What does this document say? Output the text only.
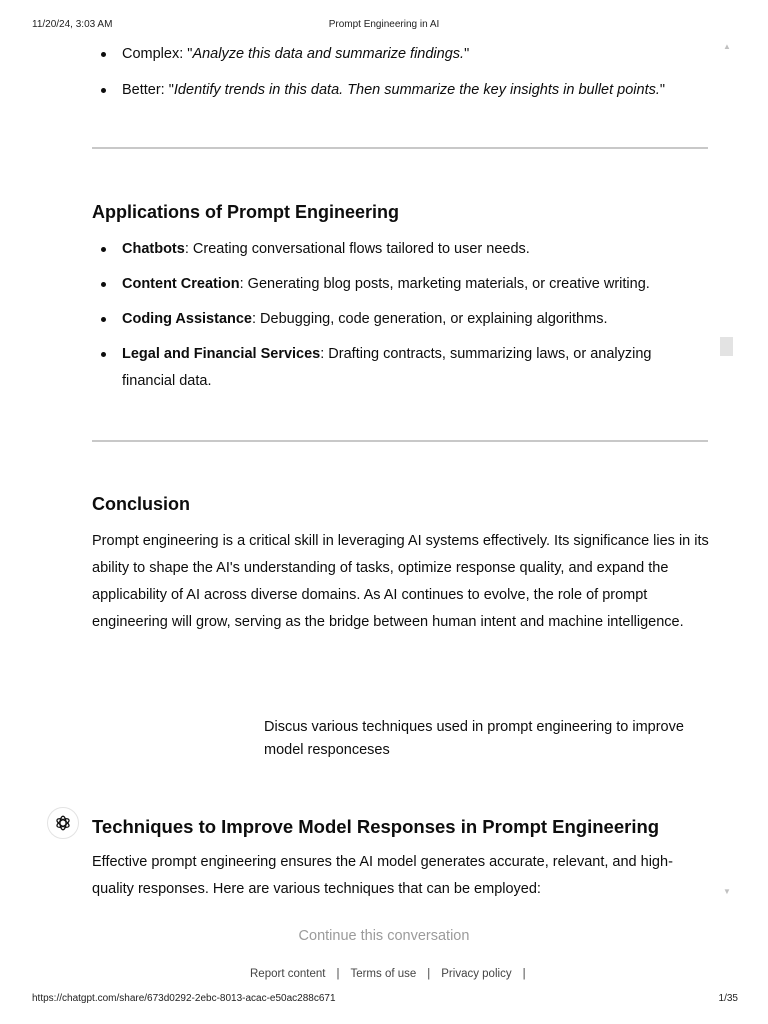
11/20/24, 3:03 AM	Prompt Engineering in AI
▲
▼
Complex: "Analyze this data and summarize findings."
Better: "Identify trends in this data. Then summarize the key insights in bullet points."
Applications of Prompt Engineering
Chatbots: Creating conversational flows tailored to user needs.
Content Creation: Generating blog posts, marketing materials, or creative writing.
Coding Assistance: Debugging, code generation, or explaining algorithms.
Legal and Financial Services: Drafting contracts, summarizing laws, or analyzing financial data.
Conclusion

Prompt engineering is a critical skill in leveraging AI systems effectively. Its significance lies in its ability to shape the AI's understanding of tasks, optimize response quality, and expand the applicability of AI across diverse domains. As AI continues to evolve, the role of prompt engineering will grow, serving as the bridge between human intent and machine intelligence.

Discus various techniques used in prompt engineering to improve model responceses
Techniques to Improve Model Responses in Prompt Engineering

Effective prompt engineering ensures the AI model generates accurate, relevant, and high-quality responses. Here are various techniques that can be employed:

Continue this conversation
Report content | Terms of use | Privacy policy |
https://chatgpt.com/share/673d0292-2ebc-8013-acac-e50ac288c671	1/35
